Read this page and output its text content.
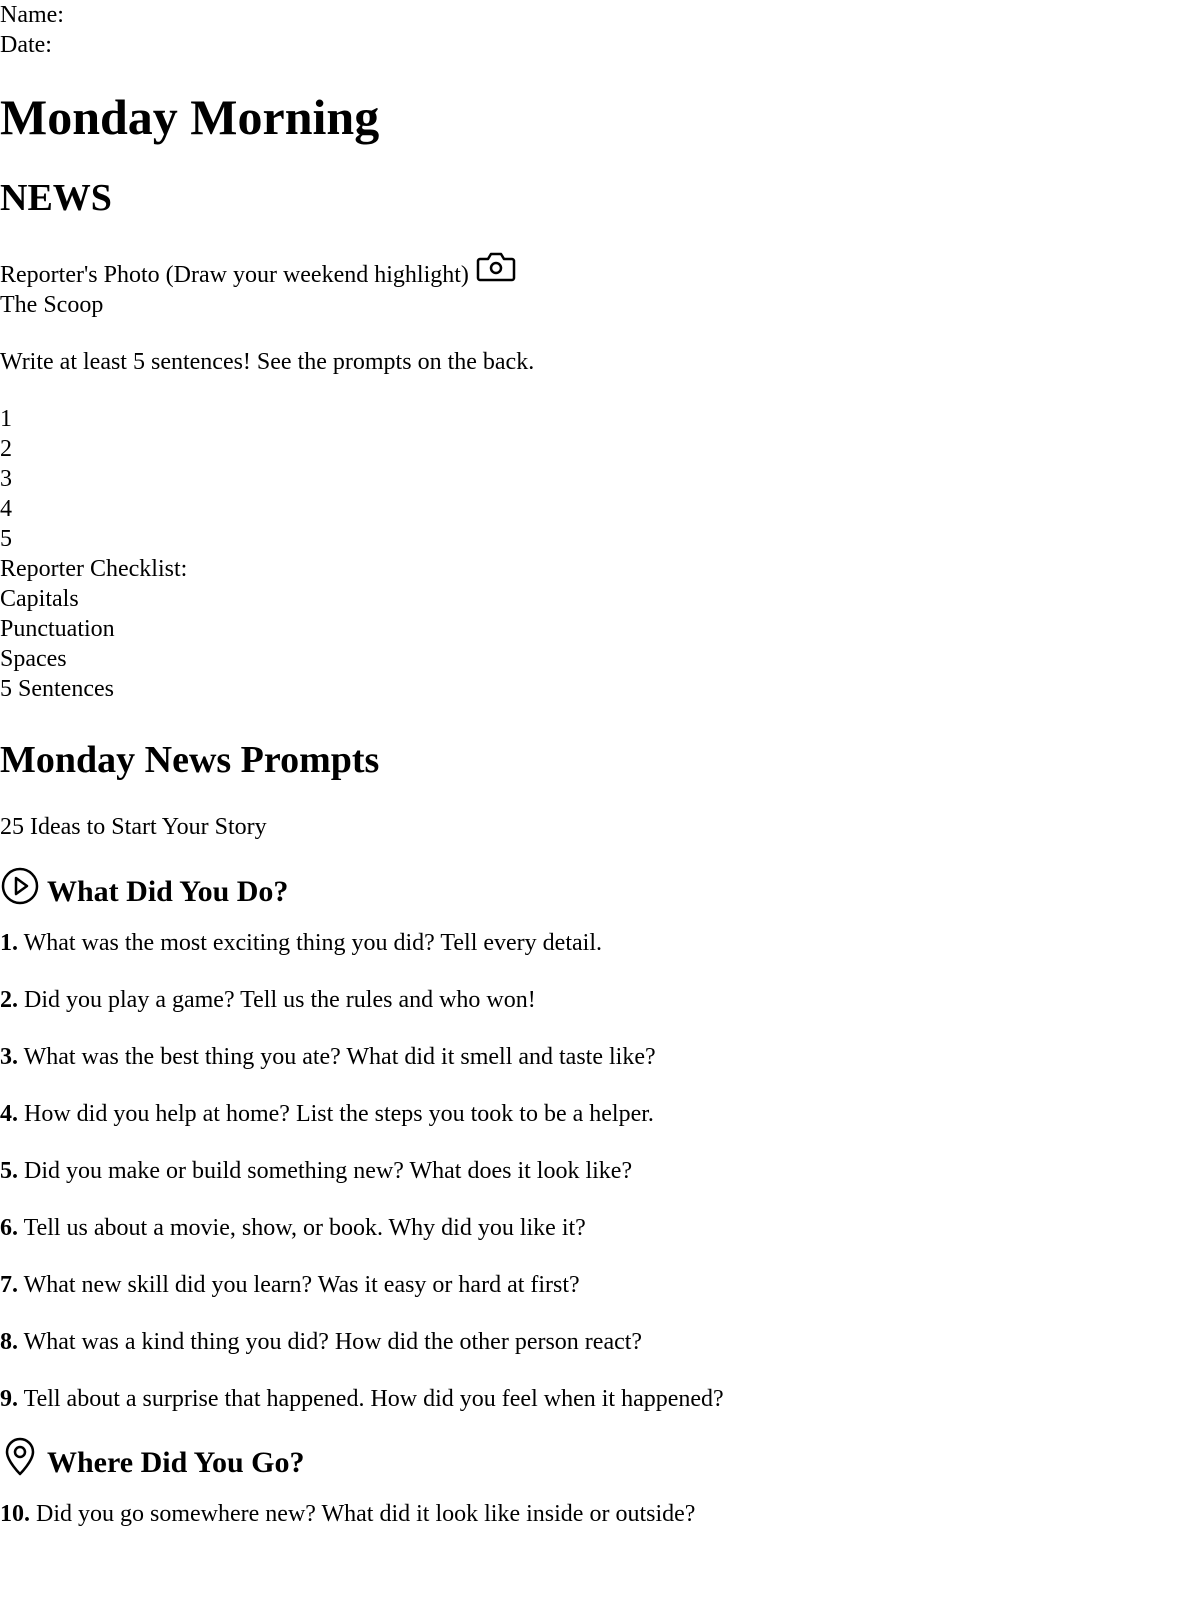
Name:
Date:
Monday Morning
NEWS
Reporter's Photo (Draw your weekend highlight)
The Scoop
Write at least 5 sentences! See the prompts on the back.
1
2
3
4
5
Reporter Checklist:
Capitals
Punctuation
Spaces
5 Sentences
Monday News Prompts
25 Ideas to Start Your Story
What Did You Do?

1. What was the most exciting thing you did? Tell every detail.

2. Did you play a game? Tell us the rules and who won!

3. What was the best thing you ate? What did it smell and taste like?

4. How did you help at home? List the steps you took to be a helper.

5. Did you make or build something new? What does it look like?

6. Tell us about a movie, show, or book. Why did you like it?

7. What new skill did you learn? Was it easy or hard at first?

8. What was a kind thing you did? How did the other person react?

9. Tell about a surprise that happened. How did you feel when it happened?

Where Did You Go?

10. Did you go somewhere new? What did it look like inside or outside?
